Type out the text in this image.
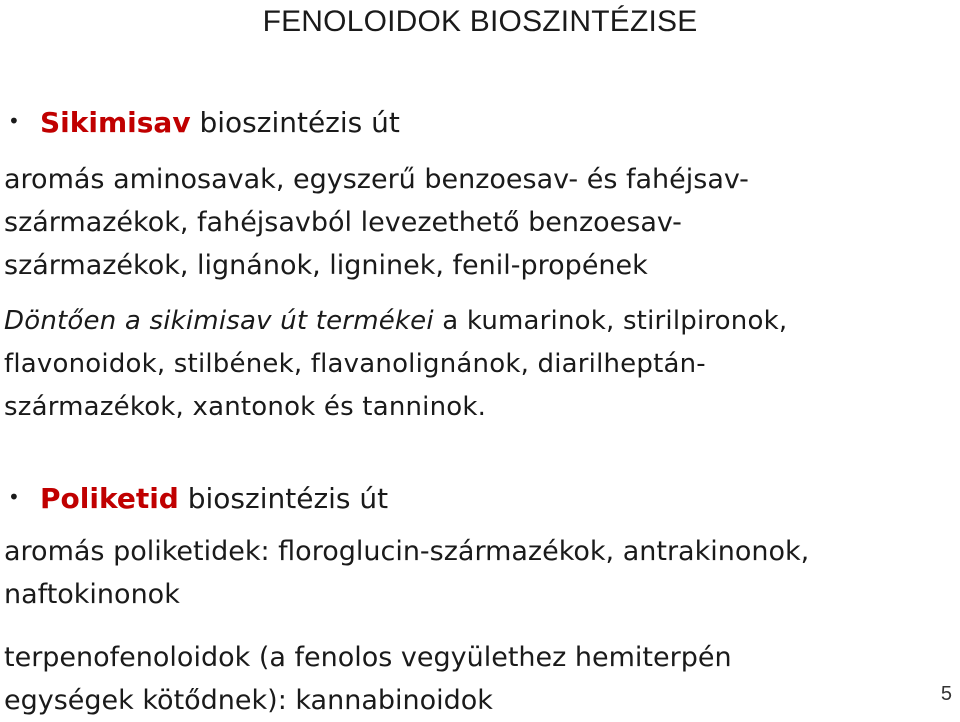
FENOLOIDOK BIOSZINTÉZISE
• Sikimisav bioszintézis út
aromás aminosavak, egyszerű benzoesav- és fahéjsav-
származékok, fahéjsavból levezethető benzoesav-
származékok, lignánok, ligninek, fenil-propének
Döntően a sikimisav út termékei a kumarinok, stirilpironok,
flavonoidok, stilbének, flavanolignánok, diarilheptán-
származékok, xantonok és tanninok.
• Poliketid bioszintézis út
aromás poliketidek: floroglucin-származékok, antrakinonok,
naftokinonok
terpenofenoloidok (a fenolos vegyülethez hemiterpén
egységek kötődnek): kannabinoidok	5
